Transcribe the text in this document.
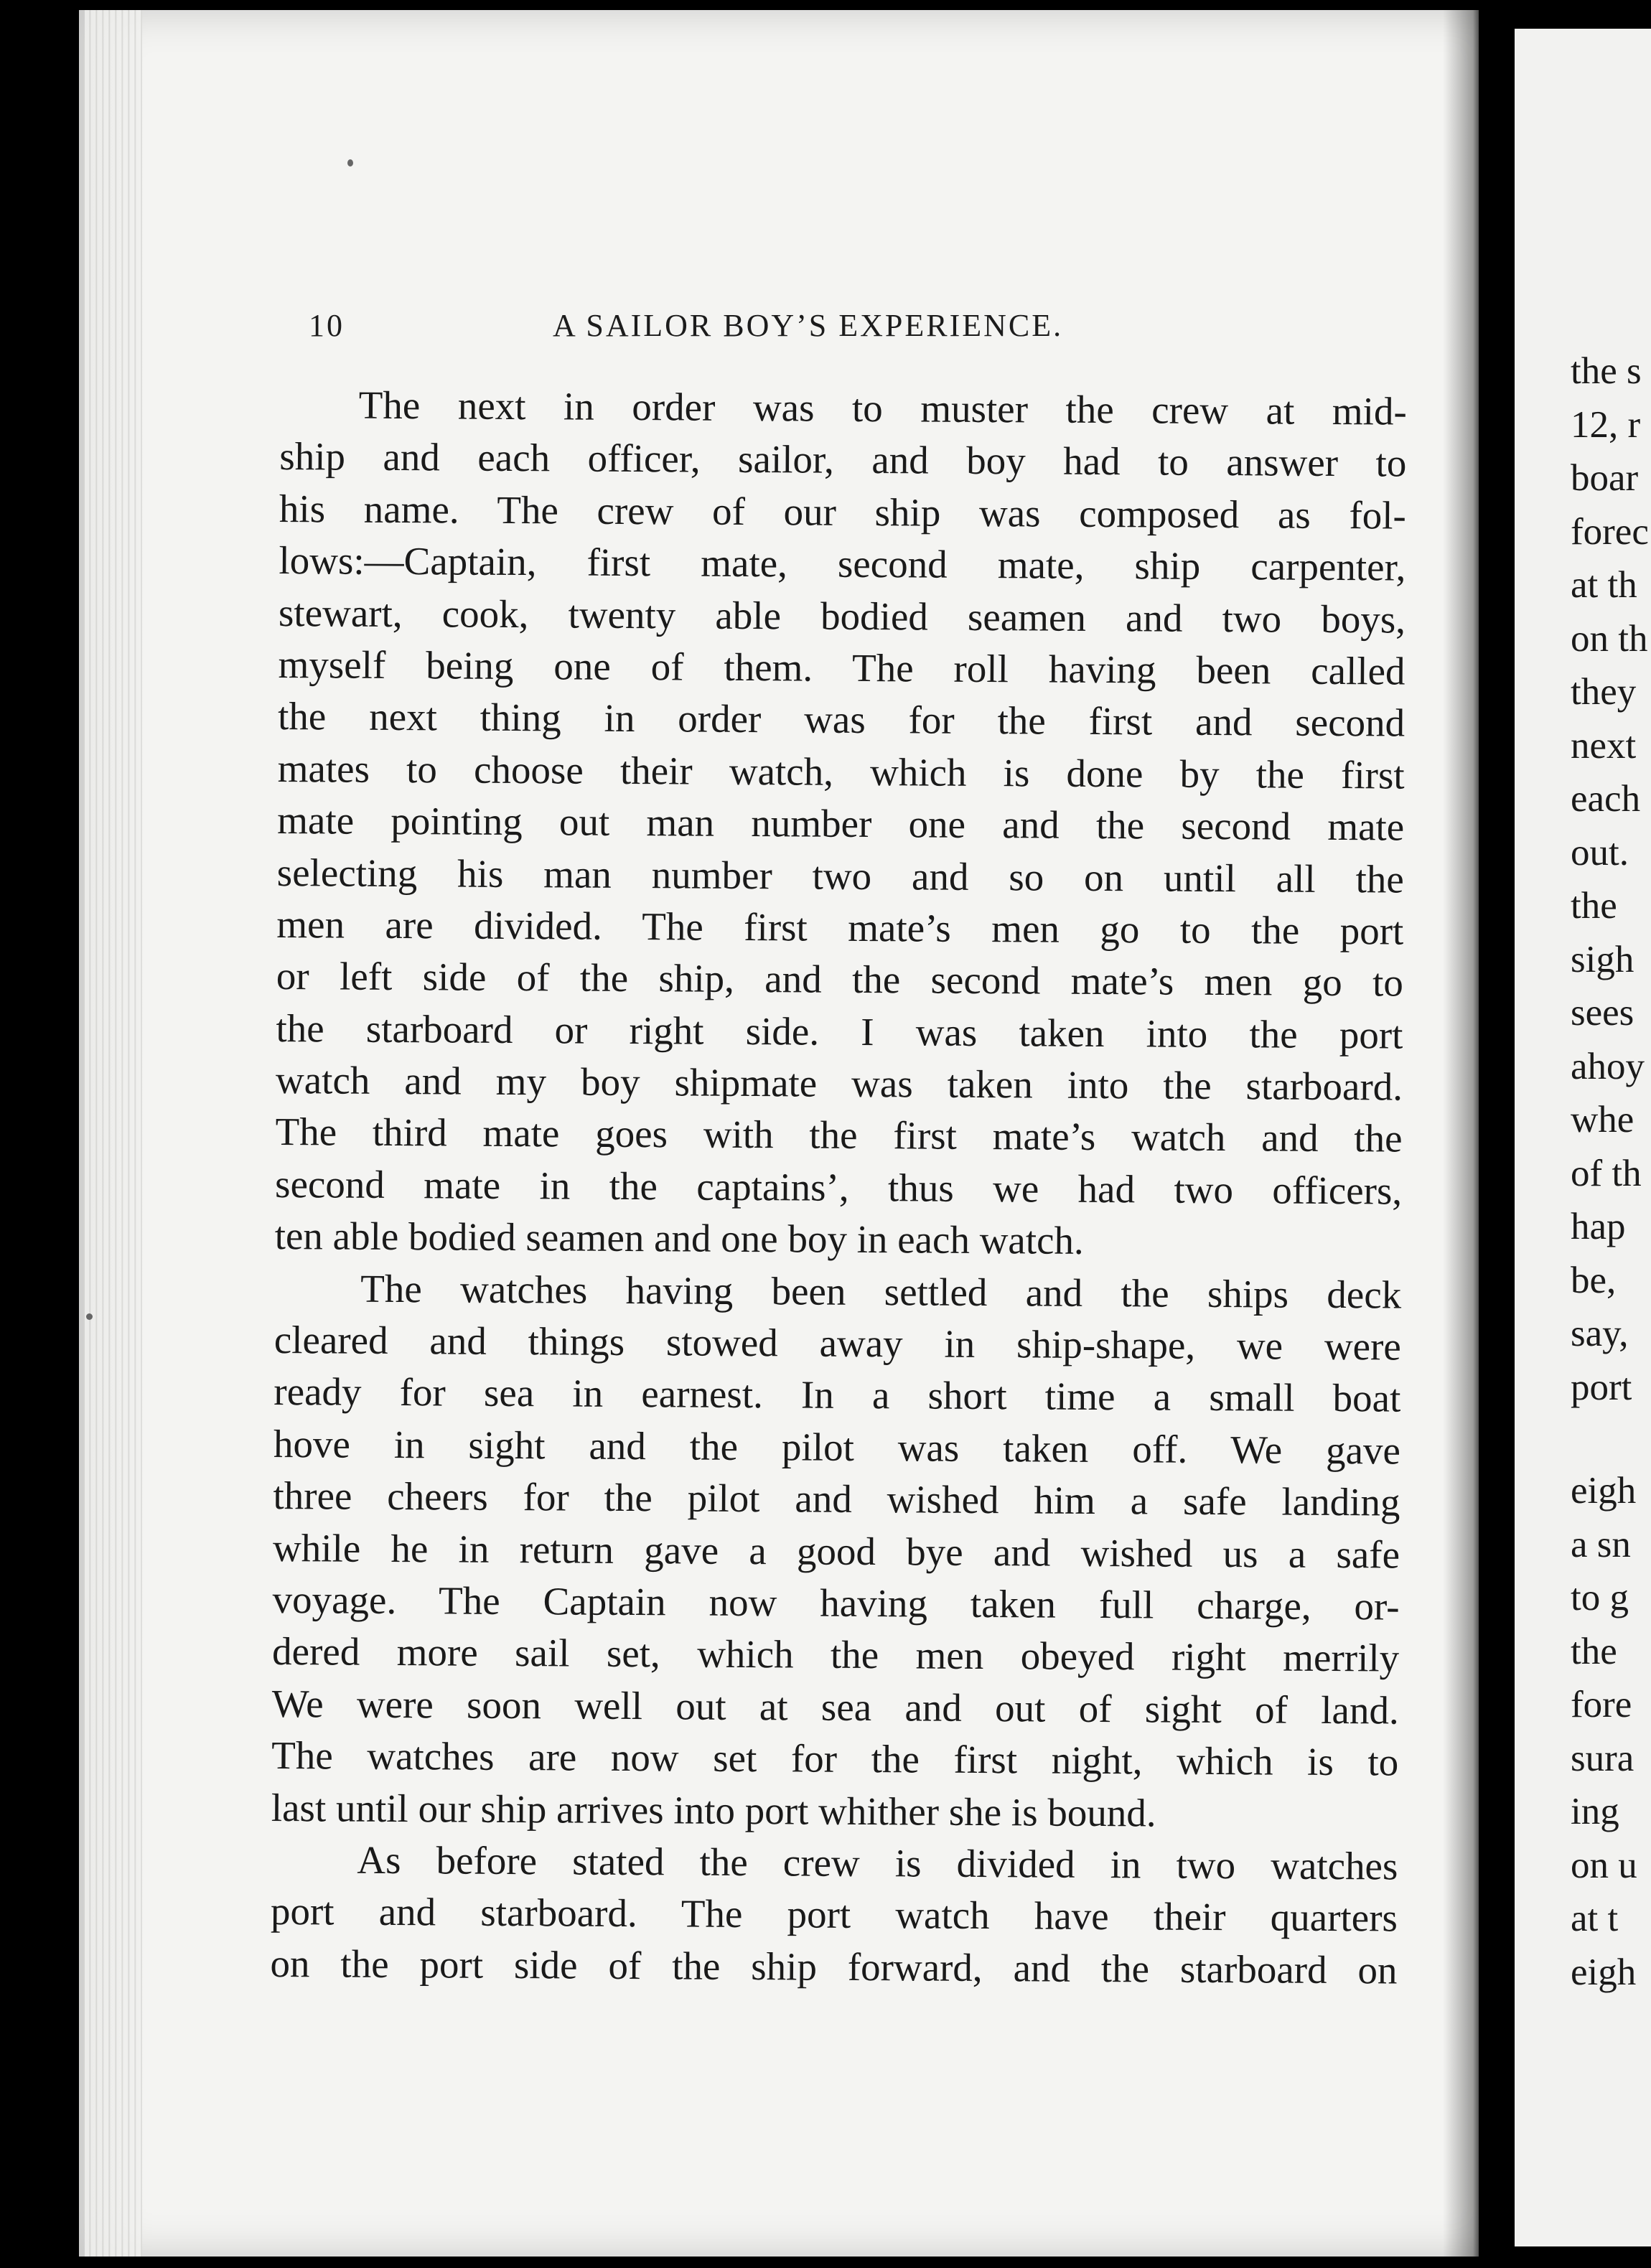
10	A SAILOR BOY’S EXPERIENCE.
The next in order was to muster the crew at mid-
ship and each officer, sailor, and boy had to answer to
his name. The crew of our ship was composed as fol-
lows:—Captain, first mate, second mate, ship carpenter,
stewart, cook, twenty able bodied seamen and two boys,
myself being one of them. The roll having been called
the next thing in order was for the first and second
mates to choose their watch, which is done by the first
mate pointing out man number one and the second mate
selecting his man number two and so on until all the
men are divided. The first mate’s men go to the port
or left side of the ship, and the second mate’s men go to
the starboard or right side. I was taken into the port
watch and my boy shipmate was taken into the starboard.
The third mate goes with the first mate’s watch and the
second mate in the captains’, thus we had two officers,
ten able bodied seamen and one boy in each watch.
The watches having been settled and the ships deck
cleared and things stowed away in ship-shape, we were
ready for sea in earnest. In a short time a small boat
hove in sight and the pilot was taken off. We gave
three cheers for the pilot and wished him a safe landing
while he in return gave a good bye and wished us a safe
voyage. The Captain now having taken full charge, or-
dered more sail set, which the men obeyed right merrily
We were soon well out at sea and out of sight of land.
The watches are now set for the first night, which is to
last until our ship arrives into port whither she is bound.
As before stated the crew is divided in two watches
port and starboard. The port watch have their quarters
on the port side of the ship forward, and the starboard on
the s
12, r
boar
forec
at th
on th
they
next
each
out.
the
sigh
sees
ahoy
whe
of th
hap
be,
say,
port
eigh
a sn
to g
the
fore
sura
ing
on u
at t
eigh
